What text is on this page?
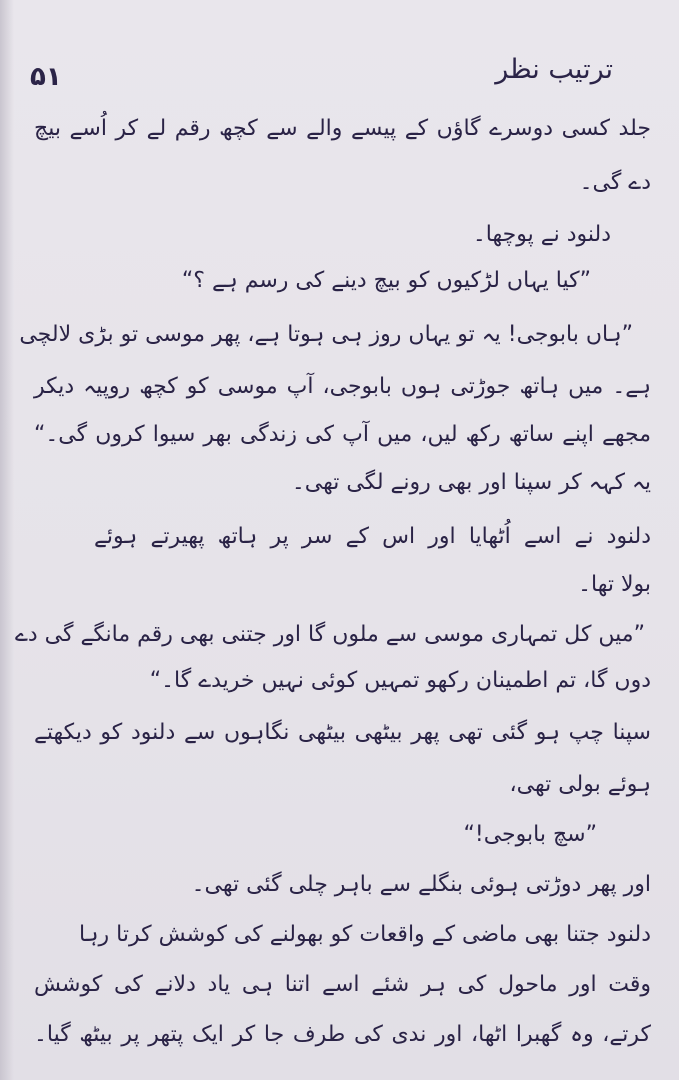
۵۱	ترتیب نظر
جلد کسی دوسرے گاؤں کے پیسے والے سے کچھ رقم لے کر اُسے بیچ
دے گی۔
دلنود نے پوچھا۔
”کیا یہاں لڑکیوں کو بیچ دینے کی رسم ہے ؟“
”ہاں بابوجی! یہ تو یہاں روز ہی ہوتا ہے، پھر موسی تو بڑی لالچی
ہے۔ میں ہاتھ جوڑتی ہوں بابوجی، آپ موسی کو کچھ روپیہ دیکر
مجھے اپنے ساتھ رکھ لیں، میں آپ کی زندگی بھر سیوا کروں گی۔“
یہ کہہ کر سپنا اور بھی رونے لگی تھی۔
دلنود نے اسے اُٹھایا اور اس کے سر پر ہاتھ پھیرتے ہوئے
بولا تھا۔
”میں کل تمہاری موسی سے ملوں گا اور جتنی بھی رقم مانگے گی دے
دوں گا، تم اطمینان رکھو تمہیں کوئی نہیں خریدے گا۔“
سپنا چپ ہو گئی تھی پھر بیٹھی بیٹھی نگاہوں سے دلنود کو دیکھتے
ہوئے بولی تھی،
”سچ بابوجی!“
اور پھر دوڑتی ہوئی بنگلے سے باہر چلی گئی تھی۔
دلنود جتنا بھی ماضی کے واقعات کو بھولنے کی کوشش کرتا رہا
وقت اور ماحول کی ہر شئے اسے اتنا ہی یاد دلانے کی کوشش
کرتے، وہ گھبرا اٹھا، اور ندی کی طرف جا کر ایک پتھر پر بیٹھ گیا۔
